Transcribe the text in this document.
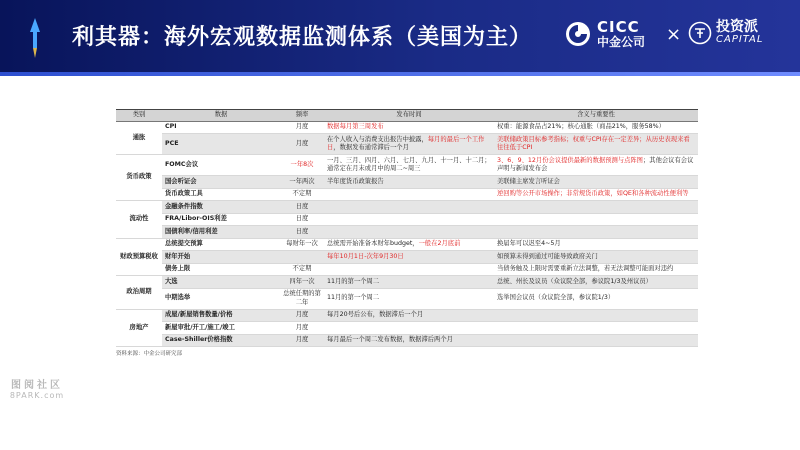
利其器：海外宏观数据监测体系（美国为主）	CICC
中金公司 × 投资派
CAPITAL
类别	数据	频率	发布时间	含义与重要性
通胀	CPI	月度	数据每月第三周发布	权重：能源食品占21%；核心通胀（商品21%，服务58%）
	PCE	月度	在个人收入与消费支出报告中披露，每月的最后一个工作日，数据发布通常滞后一个月	美联储政策目标参考指标；权重与CPI存在一定差异；从历史表现来看往往低于CPI
货币政策	FOMC会议	一年8次	一月、三月、四月、六月、七月、九月、十一月、十二月；通常定在月末或月中的周二~周三	3、6、9、12月份会议提供最新的数据预测与点阵图；其他会议有会议声明与新闻发布会
	国会听证会	一年两次	半年度货币政策报告	美联储主席发言听证会
	货币政策工具	不定期		逆回购等公开市场操作；非常规货币政策，如QE和各种流动性便利等
流动性	金融条件指数	日度		
	FRA/Libor-OIS利差	日度		
	国债利率/信用利差	日度		
财政预算税收	总统提交预算	每财年一次	总统需开始准备本财年budget，一般在2月底前	换届年可以迟至4~5月
	财年开始		每年10月1日-次年9月30日	如预算未得到通过可能导致政府关门
	债务上限	不定期		当债务触及上限时需要重新立法调整，若无法调整可能面对违约
政治周期	大选	四年一次	11月的第一个周二	总统、州长及议员（众议院全部，参议院1/3及州议员）
	中期选举	总统任期的第二年	11月的第一个周二	选举国会议员（众议院全部，参议院1/3）
房地产	成屋/新屋销售数量/价格	月度	每月20号后公布，数据滞后一个月	
	新屋审批/开工/施工/竣工	月度		
	Case-Shiller价格指数	月度	每月最后一个周二发布数据，数据滞后两个月	
资料来源：中金公司研究部
图阅社区
8PARK.com
